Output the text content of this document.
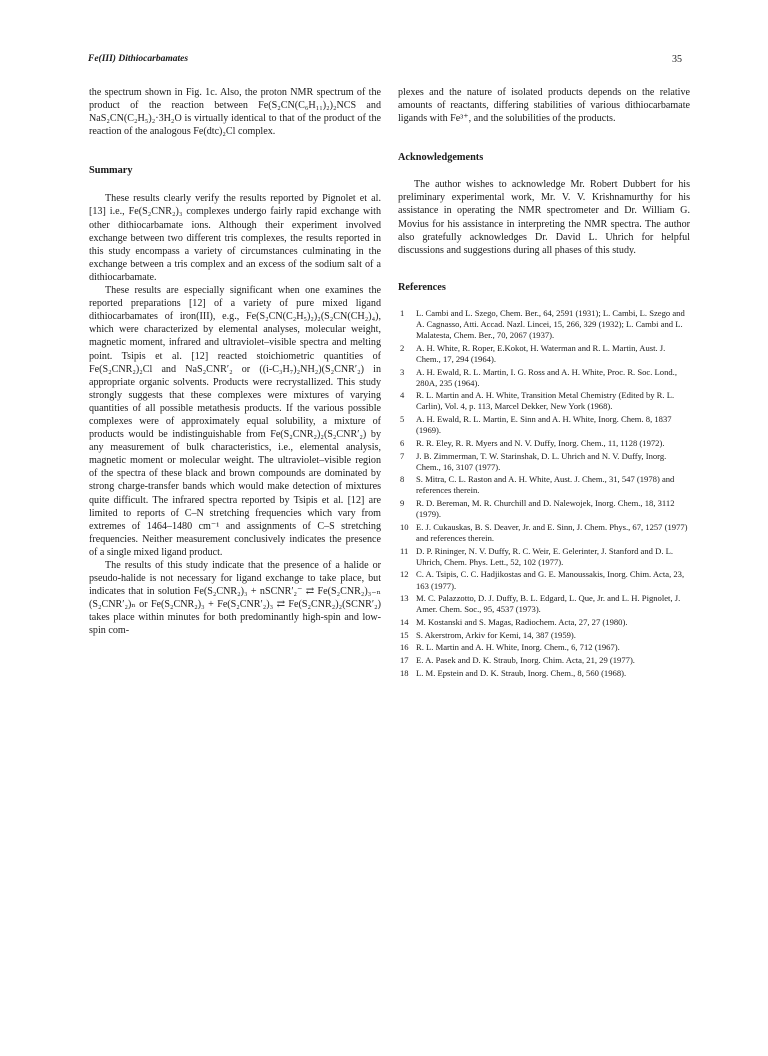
Fe(III) Dithiocarbamates	35

the spectrum shown in Fig. 1c. Also, the proton NMR spectrum of the product of the reaction between Fe(S₂CN(C₆H₁₁)₂)₂NCS and NaS₂CN(C₂H₅)₂·3H₂O is virtually identical to that of the product of the reaction of the analogous Fe(dtc)₂Cl complex.

Summary

These results clearly verify the results reported by Pignolet et al. [13] i.e., Fe(S₂CNR₂)₃ complexes undergo fairly rapid exchange with other dithiocarbamate ions. Although their experiment involved exchange between two different tris complexes, the results reported in this study encompass a variety of circumstances culminating in the exchange between a tris complex and an excess of the sodium salt of a dithiocarbamate.

These results are especially significant when one examines the reported preparations [12] of a variety of pure mixed ligand dithiocarbamates of iron(III), e.g., Fe(S₂CN(C₂H₅)₂)₂(S₂CN(CH₂)₄), which were characterized by elemental analyses, molecular weight, magnetic moment, infrared and ultraviolet–visible spectra and melting point. Tsipis et al. [12] reacted stoichiometric quantities of Fe(S₂CNR₂)₂Cl and NaS₂CNR′₂ or ((i-C₃H₇)₂NH₂)(S₂CNR′₂) in appropriate organic solvents. Products were recrystallized. This study strongly suggests that these complexes were mixtures of varying quantities of all possible metathesis products. If the various possible complexes were of approximately equal solubility, a mixture of products would be indistinguishable from Fe(S₂CNR₂)₂(S₂CNR′₂) by any measurement of bulk characteristics, i.e., elemental analysis, magnetic moment or molecular weight. The ultraviolet–visible region of the spectra of these black and brown compounds are dominated by strong charge-transfer bands which would make detection of mixtures quite difficult. The infrared spectra reported by Tsipis et al. [12] are limited to reports of C–N stretching frequencies which vary from extremes of 1464–1480 cm⁻¹ and assignments of C–S stretching frequencies. Neither measurement conclusively indicates the presence of a single mixed ligand product.

The results of this study indicate that the presence of a halide or pseudo-halide is not necessary for ligand exchange to take place, but indicates that in solution Fe(S₂CNR₂)₃ + nSCNR′₂⁻ ⇄ Fe(S₂CNR₂)₃₋ₙ (S₂CNR′₂)ₙ or Fe(S₂CNR₂)₃ + Fe(S₂CNR′₂)₃ ⇄ Fe(S₂CNR₂)₂(SCNR′₂) takes place within minutes for both predominantly high-spin and low-spin com-

plexes and the nature of isolated products depends on the relative amounts of reactants, differing stabilities of various dithiocarbamate ligands with Fe³⁺, and the solubilities of the products.

Acknowledgements

The author wishes to acknowledge Mr. Robert Dubbert for his preliminary experimental work, Mr. V. V. Krishnamurthy for his assistance in operating the NMR spectrometer and Dr. William G. Movius for his assistance in interpreting the NMR spectra. The author also gratefully acknowledges Dr. David L. Uhrich for helpful discussions and suggestions during all phases of this study.

References
1	L. Cambi and L. Szego, Chem. Ber., 64, 2591 (1931); L. Cambi, L. Szego and A. Cagnasso, Atti. Accad. Nazl. Lincei, 15, 266, 329 (1932); L. Cambi and L. Malatesta, Chem. Ber., 70, 2067 (1937).
2	A. H. White, R. Roper, E.Kokot, H. Waterman and R. L. Martin, Aust. J. Chem., 17, 294 (1964).
3	A. H. Ewald, R. L. Martin, I. G. Ross and A. H. White, Proc. R. Soc. Lond., 280A, 235 (1964).
4	R. L. Martin and A. H. White, Transition Metal Chemistry (Edited by R. L. Carlin), Vol. 4, p. 113, Marcel Dekker, New York (1968).
5	A. H. Ewald, R. L. Martin, E. Sinn and A. H. White, Inorg. Chem. 8, 1837 (1969).
6	R. R. Eley, R. R. Myers and N. V. Duffy, Inorg. Chem., 11, 1128 (1972).
7	J. B. Zimmerman, T. W. Starinshak, D. L. Uhrich and N. V. Duffy, Inorg. Chem., 16, 3107 (1977).
8	S. Mitra, C. L. Raston and A. H. White, Aust. J. Chem., 31, 547 (1978) and references therein.
9	R. D. Bereman, M. R. Churchill and D. Nalewojek, Inorg. Chem., 18, 3112 (1979).
10 E. J. Cukauskas, B. S. Deaver, Jr. and E. Sinn, J. Chem. Phys., 67, 1257 (1977) and references therein.
11 D. P. Rininger, N. V. Duffy, R. C. Weir, E. Gelerinter, J. Stanford and D. L. Uhrich, Chem. Phys. Lett., 52, 102 (1977).
12 C. A. Tsipis, C. C. Hadjikostas and G. E. Manoussakis, Inorg. Chim. Acta, 23, 163 (1977).
13 M. C. Palazzotto, D. J. Duffy, B. L. Edgard, L. Que, Jr. and L. H. Pignolet, J. Amer. Chem. Soc., 95, 4537 (1973).
14 M. Kostanski and S. Magas, Radiochem. Acta, 27, 27 (1980).
15 S. Akerstrom, Arkiv for Kemi, 14, 387 (1959).
16 R. L. Martin and A. H. White, Inorg. Chem., 6, 712 (1967).
17 E. A. Pasek and D. K. Straub, Inorg. Chim. Acta, 21, 29 (1977).
18 L. M. Epstein and D. K. Straub, Inorg. Chem., 8, 560 (1968).
